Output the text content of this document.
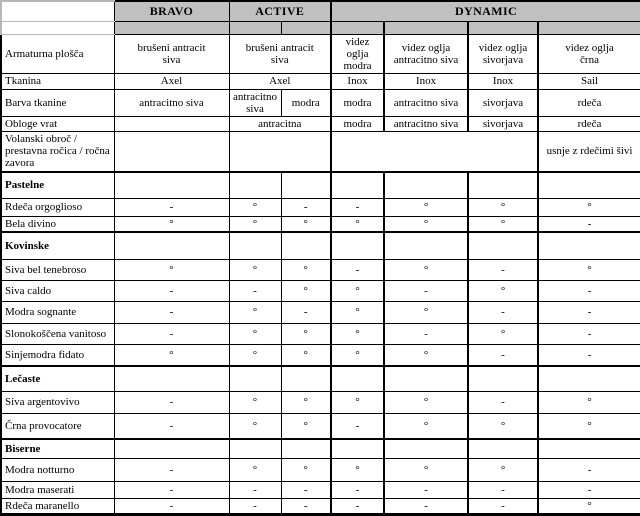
	BRAVO	ACTIVE		DYNAMIC			

Armaturna plošča	brušeni antracit siva	brušeni antracit siva		videz oglja modra	videz oglja antracitno siva	videz oglja sivorjava	videz oglja črna
Tkanina	Axel	Axel		Inox	Inox	Inox	Sail
Barva tkanine	antracitno siva	antracitno siva	modra	modra	antracitno siva	sivorjava	rdeča
Obloge vrat		antracitna		modra	antracitno siva	sivorjava	rdeča
Volanski obroč / prestavna ročica / ročna zavora							usnje z rdečimi šivi
Pastelne							
Rdeča orgoglioso	-	°	-	-	°	°	°
Bela divino	°	°	°	°	°	°	-
Kovinske							
Siva bel tenebroso	°	°	°	-	°	-	°
Siva caldo	-	-	°	°	-	°	-
Modra sognante	-	°	-	°	°	-	-
Slonokoščena vanitoso	-	°	°	°	-	°	-
Sinjemodra fidato	°	°	°	°	°	-	-
Lečaste							
Siva argentovivo	-	°	°	°	°	-	°
Črna provocatore	-	°	°	-	°	°	°
Biserne							
Modra notturno	-	°	°	°	°	°	-
Modra maserati	-	-	-	-	-	-	-
Rdeča maranello	-	-	-	-	-	-	°
